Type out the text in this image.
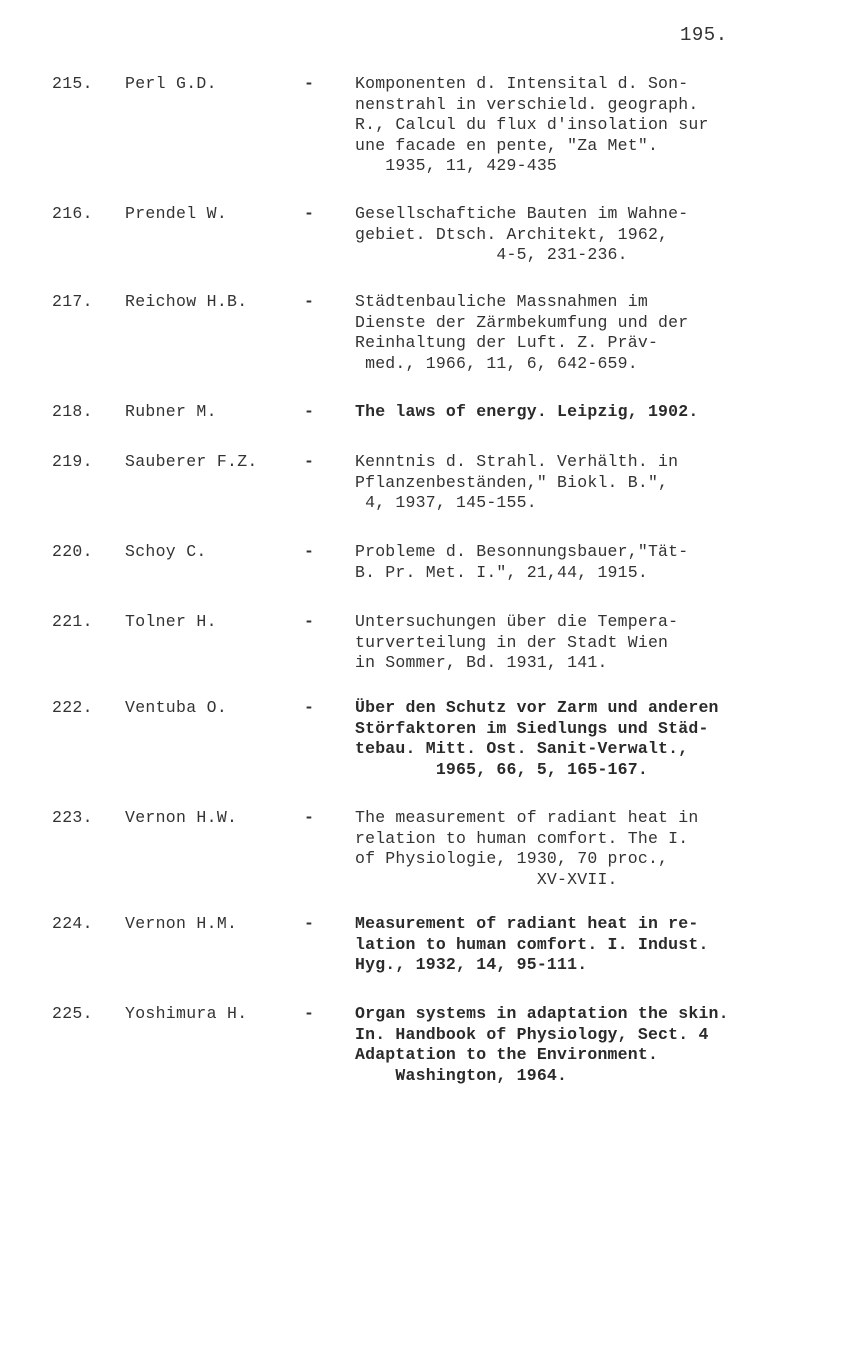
195.
215. Perl G.D.	- Komponenten d. Intensital d. Son-
nenstrahl in verschield. geograph.
R., Calcul du flux d'insolation sur
une facade en pente, "Za Met".
1935, 11, 429-435
216. Prendel W.	- Gesellschaftiche Bauten im Wahne-
gebiet. Dtsch. Architekt, 1962,
4-5, 231-236.
217. Reichow H.B.	- Städtenbauliche Massnahmen im
Dienste der Zärmbekumfung und der
Reinhaltung der Luft. Z. Präv-
med., 1966, 11, 6, 642-659.
218. Rubner M.	- The laws of energy. Leipzig, 1902.
219. Sauberer F.Z.	- Kenntnis d. Strahl. Verhälth. in
Pflanzenbeständen," Biokl. B.",
4, 1937, 145-155.
220. Schoy C.	- Probleme d. Besonnungsbauer,"Tät-
B. Pr. Met. I.", 21,44, 1915.
221. Tolner H.	- Untersuchungen über die Tempera-
turverteilung in der Stadt Wien
in Sommer, Bd. 1931, 141.
222. Ventuba O.	- Über den Schutz vor Zarm und anderen
Störfaktoren im Siedlungs und Städ-
tebau. Mitt. Ost. Sanit-Verwalt.,
1965, 66, 5, 165-167.
223. Vernon H.W.	- The measurement of radiant heat in
relation to human comfort. The I.
of Physiologie, 1930, 70 proc.,
XV-XVII.
224. Vernon H.M.	- Measurement of radiant heat in re-
lation to human comfort. I. Indust.
Hyg., 1932, 14, 95-111.
225. Yoshimura H.	- Organ systems in adaptation the skin.
In. Handbook of Physiology, Sect. 4
Adaptation to the Environment.
Washington, 1964.
